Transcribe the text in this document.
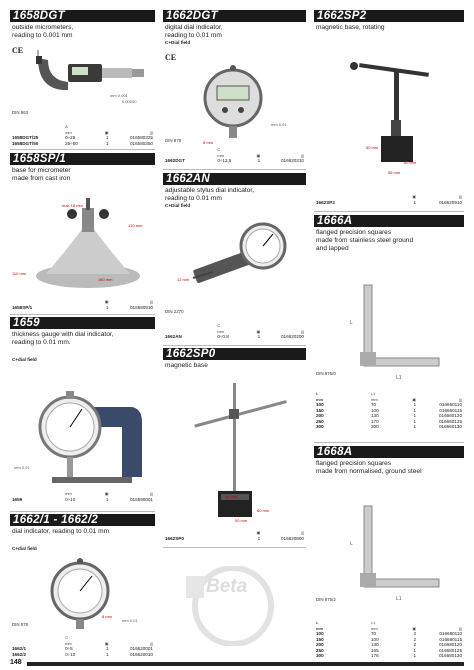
1658DGT
outside micrometers,
reading to 0.001 mm
CE
mm 0,001
0,00000
DIN 863
A
mm	▣	|||
1658DGT/25	0÷25	1	016580325
1658DGT/50	25÷50	1	016580350
1658SP/1
base for micrometer
made from cast iron
max 18 mm
120 mm
110 mm
160 mm
▣	|||
1658SP/1	1	016580910
1659
thickness gauge with dial indicator,
reading to 0.01 mm.
C+dial field
mm 0,01
mm	▣	|||
1659	0÷10	1	016590001
1662/1 - 1662/2
dial indicator, reading to 0.01 mm
C+dial field
8 mm
DIN 878
mm 0,01
C
mm	▣	|||
1662/1	0÷5	1	016620001
1662/2	0÷10	1	016620010
1662DGT
digital dial indicator,
reading to 0.01 mm
C+Dial field
CE
8 mm
mm 0,01
DIN 878
C
mm	▣	|||
1662DGT	0÷12,5	1	016620310
1662AN
adjustable stylus dial indicator,
reading to 0.01 mm
C+Dial field
12 mm
DIN 2270
C
mm	▣	|||
1662AN	0÷0,8	1	016620200
1662SP0
magnetic base
50 mm
60 mm
50 mm
▣	|||
1662SP0	1	016620800
Beta
1662SP2
magnetic base, rotating
50 mm
60 mm
55 mm
▣	|||
1662SP2	1	016620910
1666A
flanged precision squares
made from stainless steel ground
and lapped
L
L1
DIN 875/0
L	L1
mm	mm	▣	|||
100	70	1	016660110
150	100	1	016660115
200	130	1	016660120
250	170	1	016660125
300	200	1	016660130
1668A
flanged precision squares
made from normalised, ground steel
L
L1
DIN 875/2
L	L1
mm	mm	▣	|||
100	70	2	016680110
150	100	2	016680115
200	130	2	016680120
250	165	1	016680125
300	176	1	016680130
148
